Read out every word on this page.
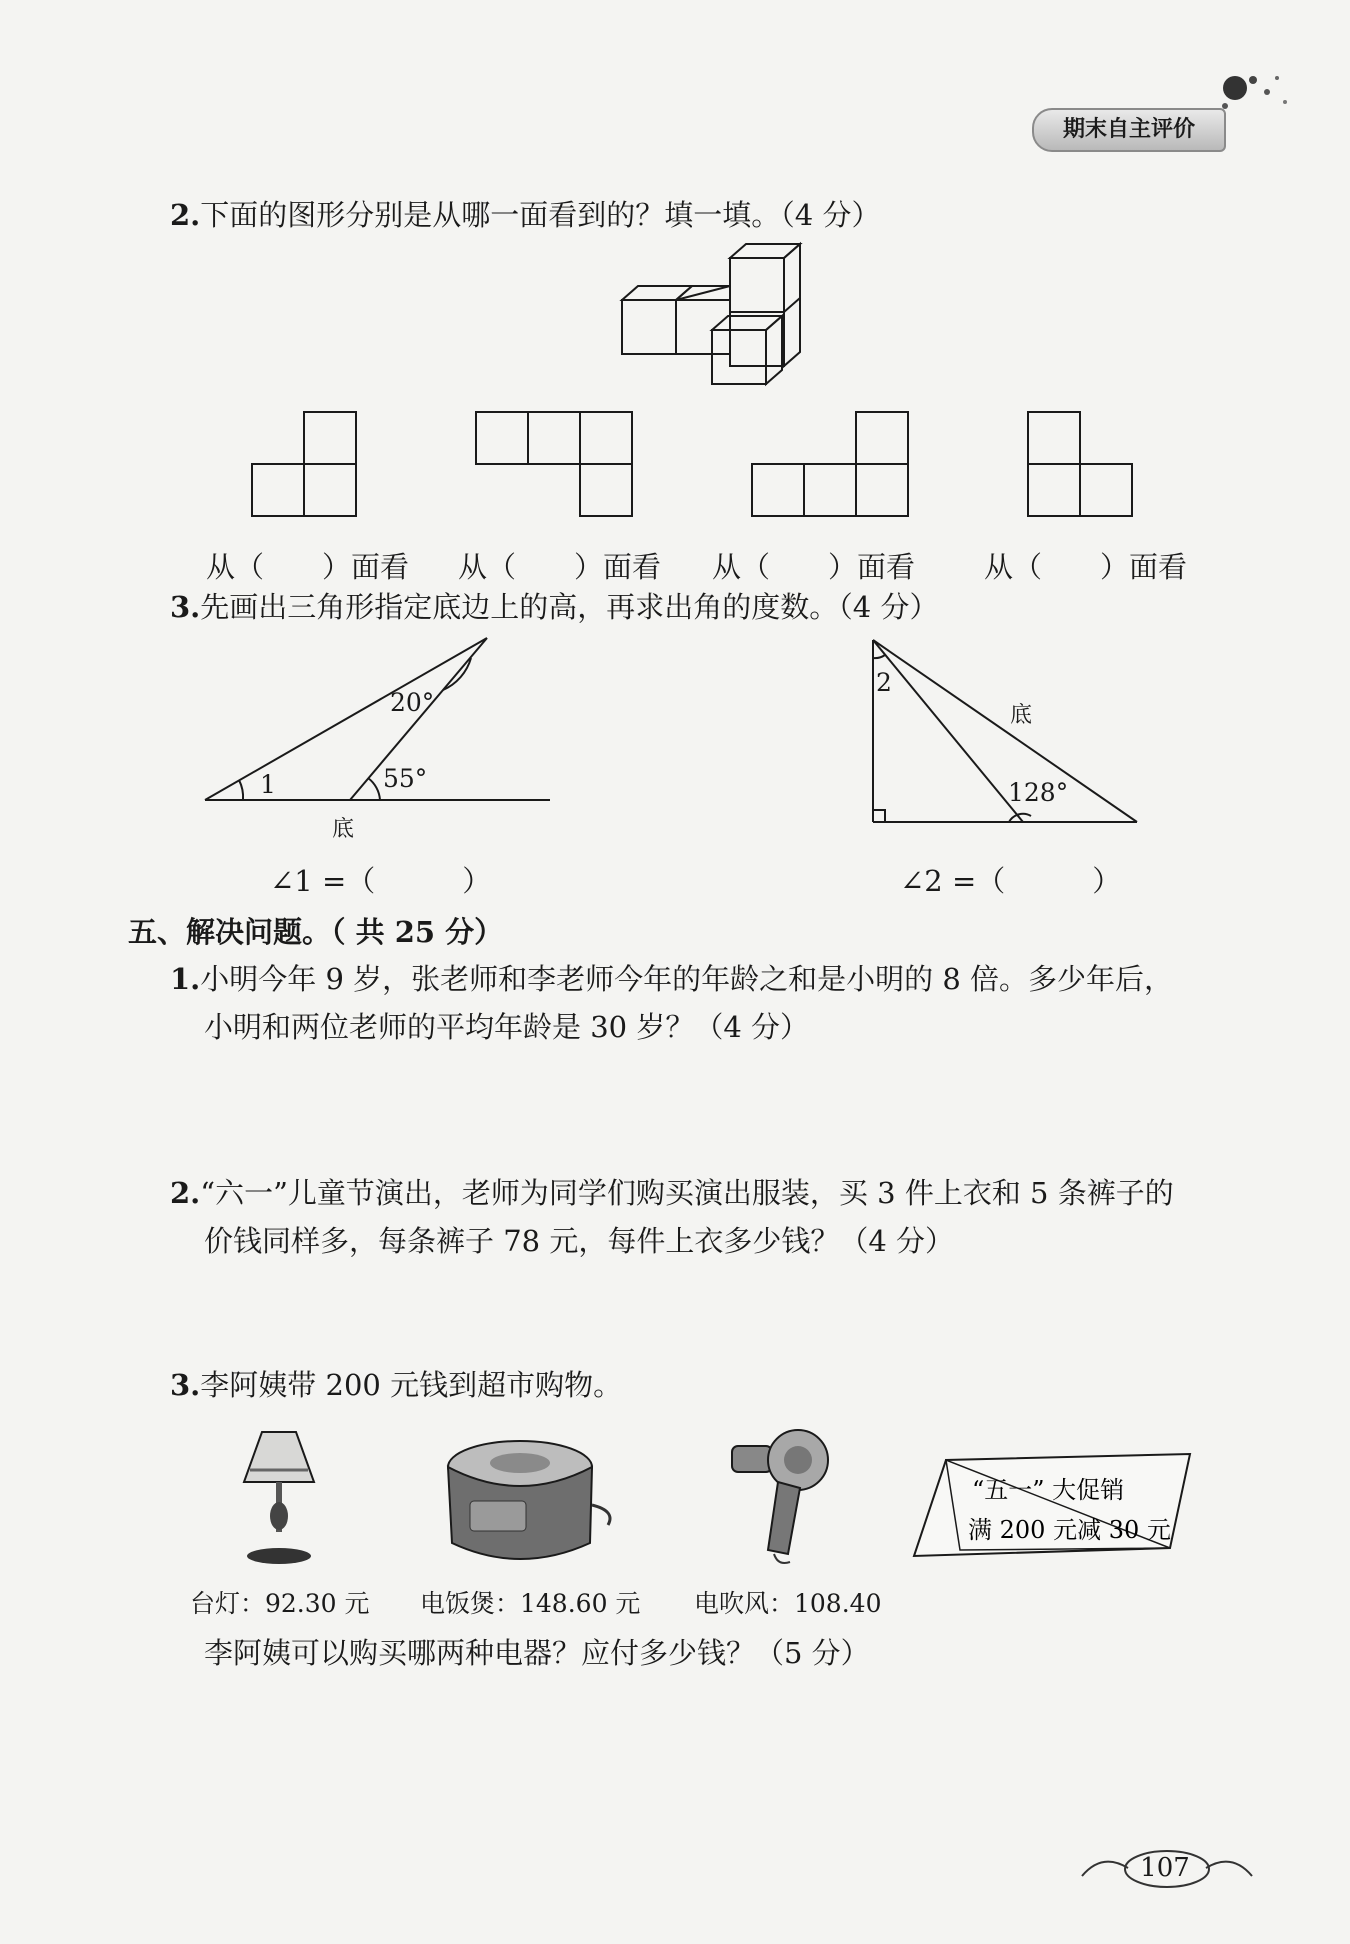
期末自主评价
2.下面的图形分别是从哪一面看到的？填一填。（4 分）
从（　　）面看 从（　　）面看 从（　　）面看 从（　　）面看
3.先画出三角形指定底边上的高，再求出角的度数。（4 分）
20°
55°
1
底
∠1 =（　　　）
2
底
128°
∠2 =（　　　）
五、解决问题。（ 共 25 分）
1.小明今年 9 岁，张老师和李老师今年的年龄之和是小明的 8 倍。多少年后，
小明和两位老师的平均年龄是 30 岁？（4 分）
2.“六一”儿童节演出，老师为同学们购买演出服装，买 3 件上衣和 5 条裤子的
价钱同样多，每条裤子 78 元，每件上衣多少钱？（4 分）
3.李阿姨带 200 元钱到超市购物。
“五一” 大促销
满 200 元减 30 元
台灯：92.30 元 电饭煲：148.60 元 电吹风：108.40
李阿姨可以购买哪两种电器？应付多少钱？（5 分）
107
